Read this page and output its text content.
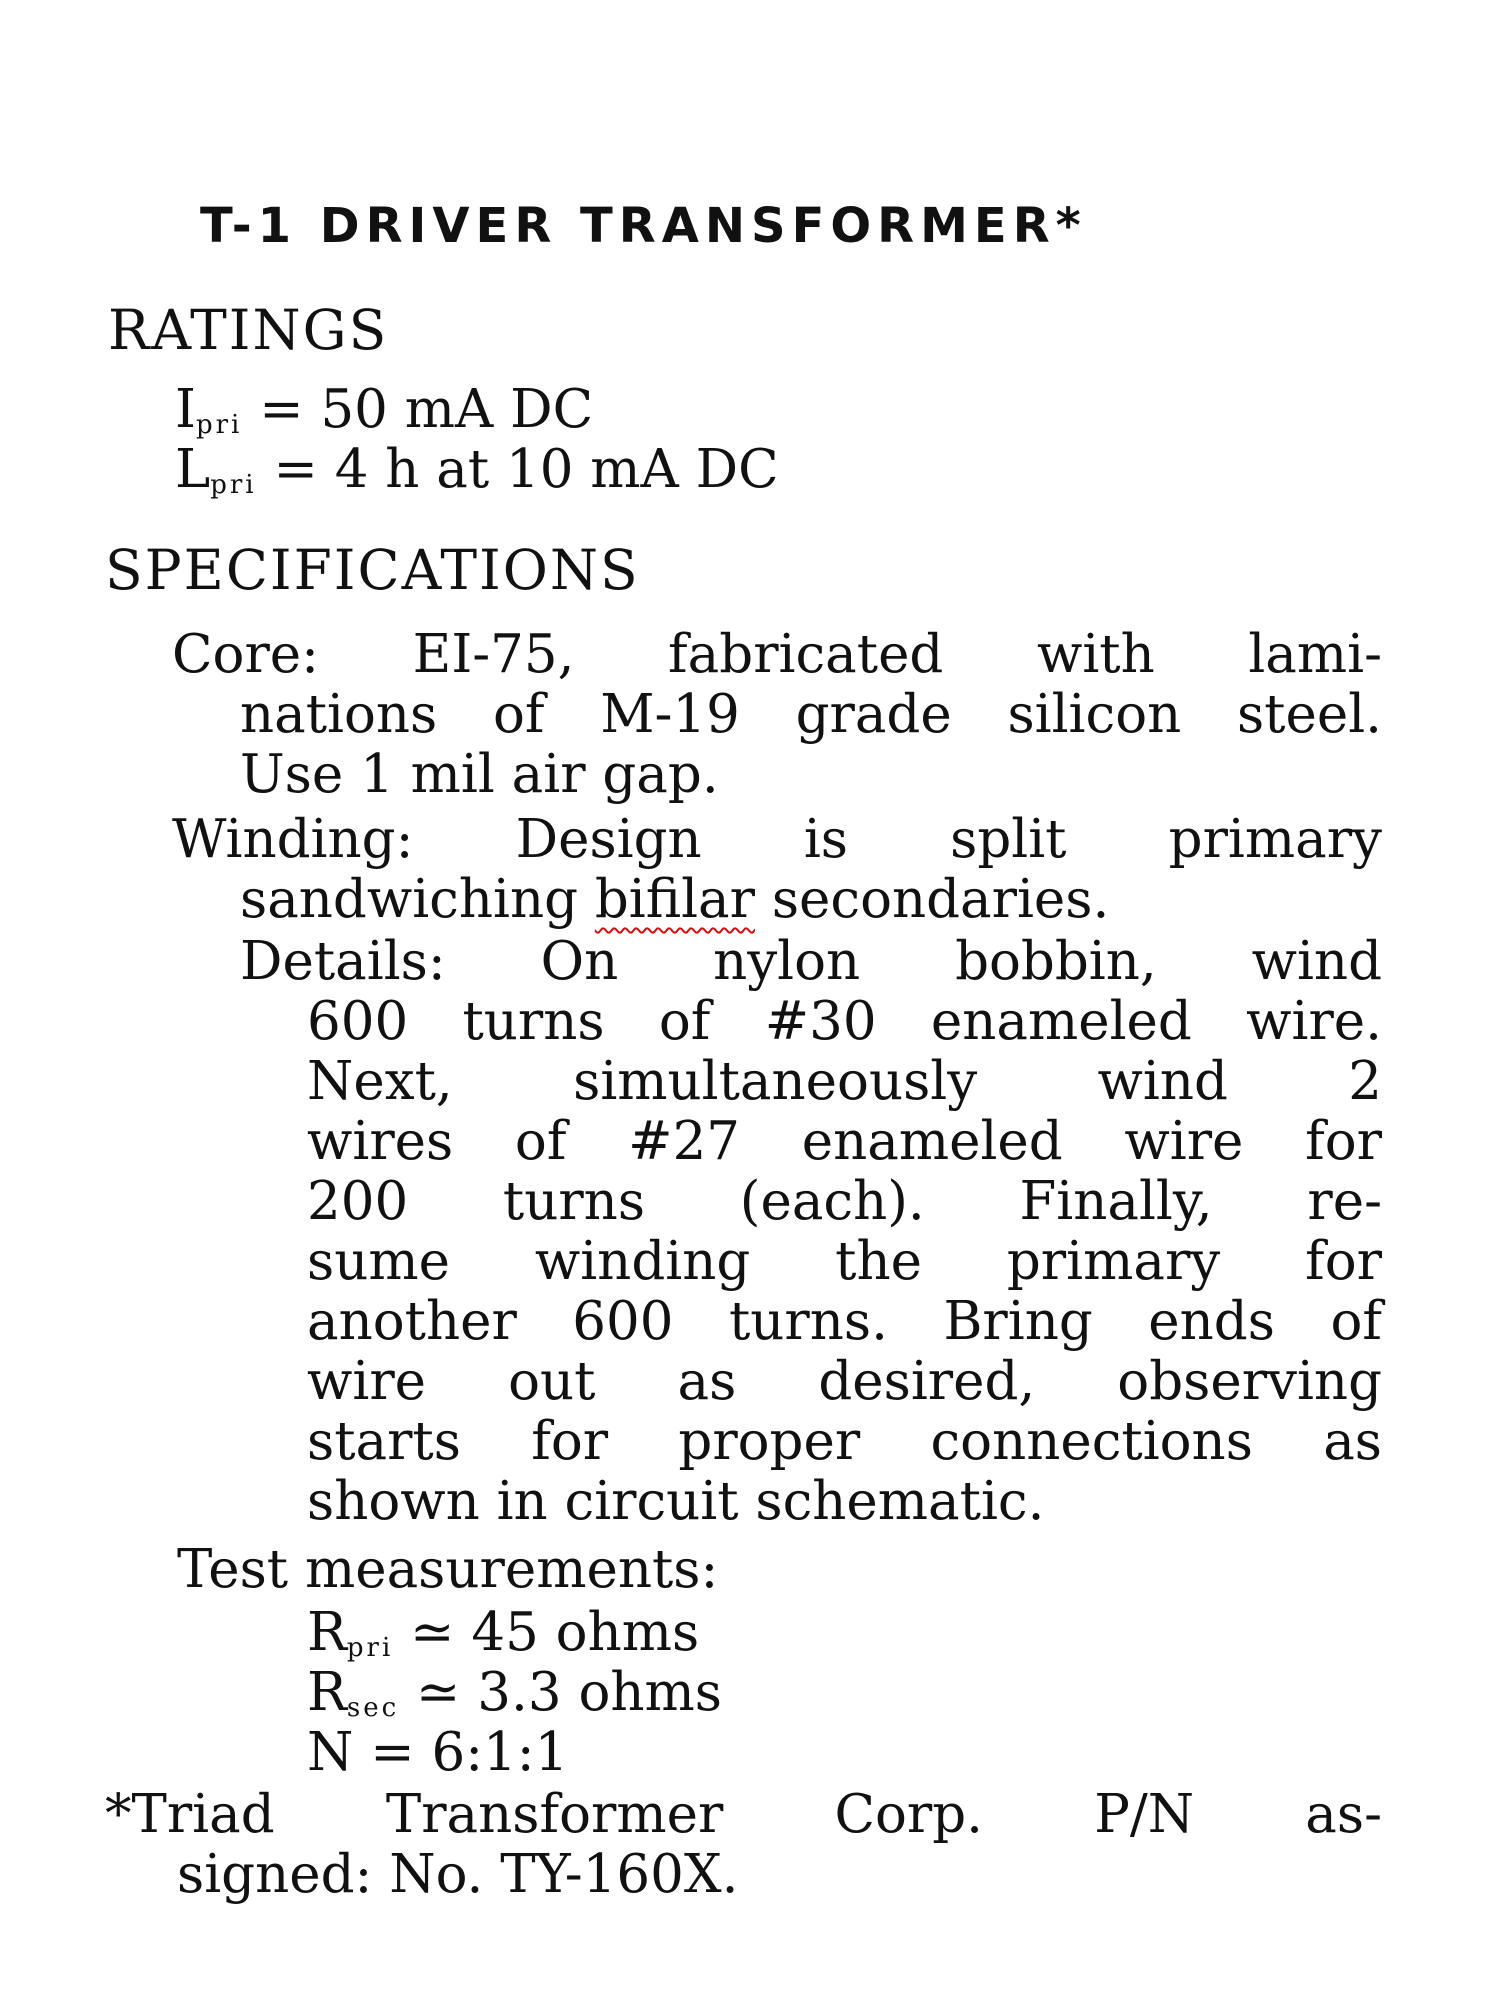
T-1 DRIVER TRANSFORMER*
RATINGS
$I_{pri} = 50$ mA DC
$L_{pri} = 4$ h at 10 mA DC
SPECIFICATIONS
Core: EI-75, fabricated with lami-
nations of M-19 grade silicon steel.
Use 1 mil air gap.
Winding: Design is split primary
sandwiching bifilar secondaries.
Details: On nylon bobbin, wind
600 turns of #30 enameled wire.
Next, simultaneously wind 2
wires of #27 enameled wire for
200 turns (each). Finally, re-
sume winding the primary for
another 600 turns. Bring ends of
wire out as desired, observing
starts for proper connections as
shown in circuit schematic.
Test measurements:
$R_{pri}$ ≃ 45 ohms
$R_{sec}$ ≃ 3.3 ohms
N = 6:1:1
*Triad Transformer Corp. P/N as-
signed: No. TY-160X.
